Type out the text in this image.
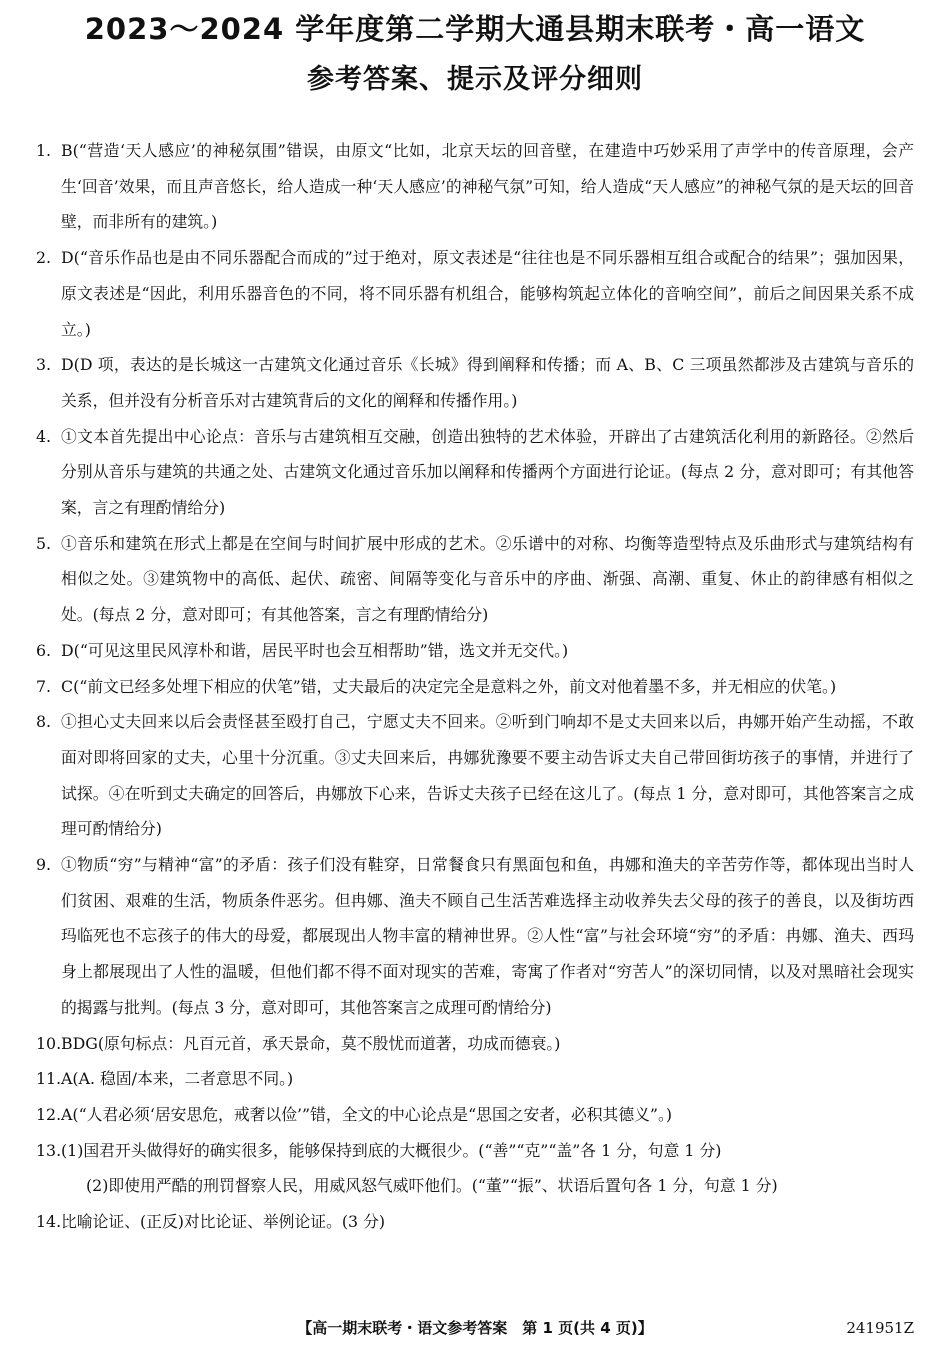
2023～2024 学年度第二学期大通县期末联考・高一语文
参考答案、提示及评分细则
1. B(“营造‘天人感应’的神秘氛围”错误，由原文“比如，北京天坛的回音壁，在建造中巧妙采用了声学中的传音原理，会产生‘回音’效果，而且声音悠长，给人造成一种‘天人感应’的神秘气氛”可知，给人造成“天人感应”的神秘气氛的是天坛的回音壁，而非所有的建筑。)
2. D(“音乐作品也是由不同乐器配合而成的”过于绝对，原文表述是“往往也是不同乐器相互组合或配合的结果”；强加因果，原文表述是“因此，利用乐器音色的不同，将不同乐器有机组合，能够构筑起立体化的音响空间”，前后之间因果关系不成立。)
3. D(D 项，表达的是长城这一古建筑文化通过音乐《长城》得到阐释和传播；而 A、B、C 三项虽然都涉及古建筑与音乐的关系，但并没有分析音乐对古建筑背后的文化的阐释和传播作用。)
4. ①文本首先提出中心论点：音乐与古建筑相互交融，创造出独特的艺术体验，开辟出了古建筑活化利用的新路径。②然后分别从音乐与建筑的共通之处、古建筑文化通过音乐加以阐释和传播两个方面进行论证。(每点 2 分，意对即可；有其他答案，言之有理酌情给分)
5. ①音乐和建筑在形式上都是在空间与时间扩展中形成的艺术。②乐谱中的对称、均衡等造型特点及乐曲形式与建筑结构有相似之处。③建筑物中的高低、起伏、疏密、间隔等变化与音乐中的序曲、渐强、高潮、重复、休止的韵律感有相似之处。(每点 2 分，意对即可；有其他答案，言之有理酌情给分)
6. D(“可见这里民风淳朴和谐，居民平时也会互相帮助”错，选文并无交代。)
7. C(“前文已经多处埋下相应的伏笔”错，丈夫最后的决定完全是意料之外，前文对他着墨不多，并无相应的伏笔。)
8. ①担心丈夫回来以后会责怪甚至殴打自己，宁愿丈夫不回来。②听到门响却不是丈夫回来以后，冉娜开始产生动摇，不敢面对即将回家的丈夫，心里十分沉重。③丈夫回来后，冉娜犹豫要不要主动告诉丈夫自己带回街坊孩子的事情，并进行了试探。④在听到丈夫确定的回答后，冉娜放下心来，告诉丈夫孩子已经在这儿了。(每点 1 分，意对即可，其他答案言之成理可酌情给分)
9. ①物质“穷”与精神“富”的矛盾：孩子们没有鞋穿，日常餐食只有黑面包和鱼，冉娜和渔夫的辛苦劳作等，都体现出当时人们贫困、艰难的生活，物质条件恶劣。但冉娜、渔夫不顾自己生活苦难选择主动收养失去父母的孩子的善良，以及街坊西玛临死也不忘孩子的伟大的母爱，都展现出人物丰富的精神世界。②人性“富”与社会环境“穷”的矛盾：冉娜、渔夫、西玛身上都展现出了人性的温暖，但他们都不得不面对现实的苦难，寄寓了作者对“穷苦人”的深切同情，以及对黑暗社会现实的揭露与批判。(每点 3 分，意对即可，其他答案言之成理可酌情给分)
10. BDG(原句标点：凡百元首，承天景命，莫不殷忧而道著，功成而德衰。)
11. A(A. 稳固/本来，二者意思不同。)
12. A(“人君必须‘居安思危，戒奢以俭’”错，全文的中心论点是“思国之安者，必积其德义”。)
13. (1)国君开头做得好的确实很多，能够保持到底的大概很少。(“善”“克”“盖”各 1 分，句意 1 分)
(2)即使用严酷的刑罚督察人民，用威风怒气威吓他们。(“董”“振”、状语后置句各 1 分，句意 1 分)
14. 比喻论证、(正反)对比论证、举例论证。(3 分)
【高一期末联考・语文参考答案　第 1 页(共 4 页)】	241951Z
